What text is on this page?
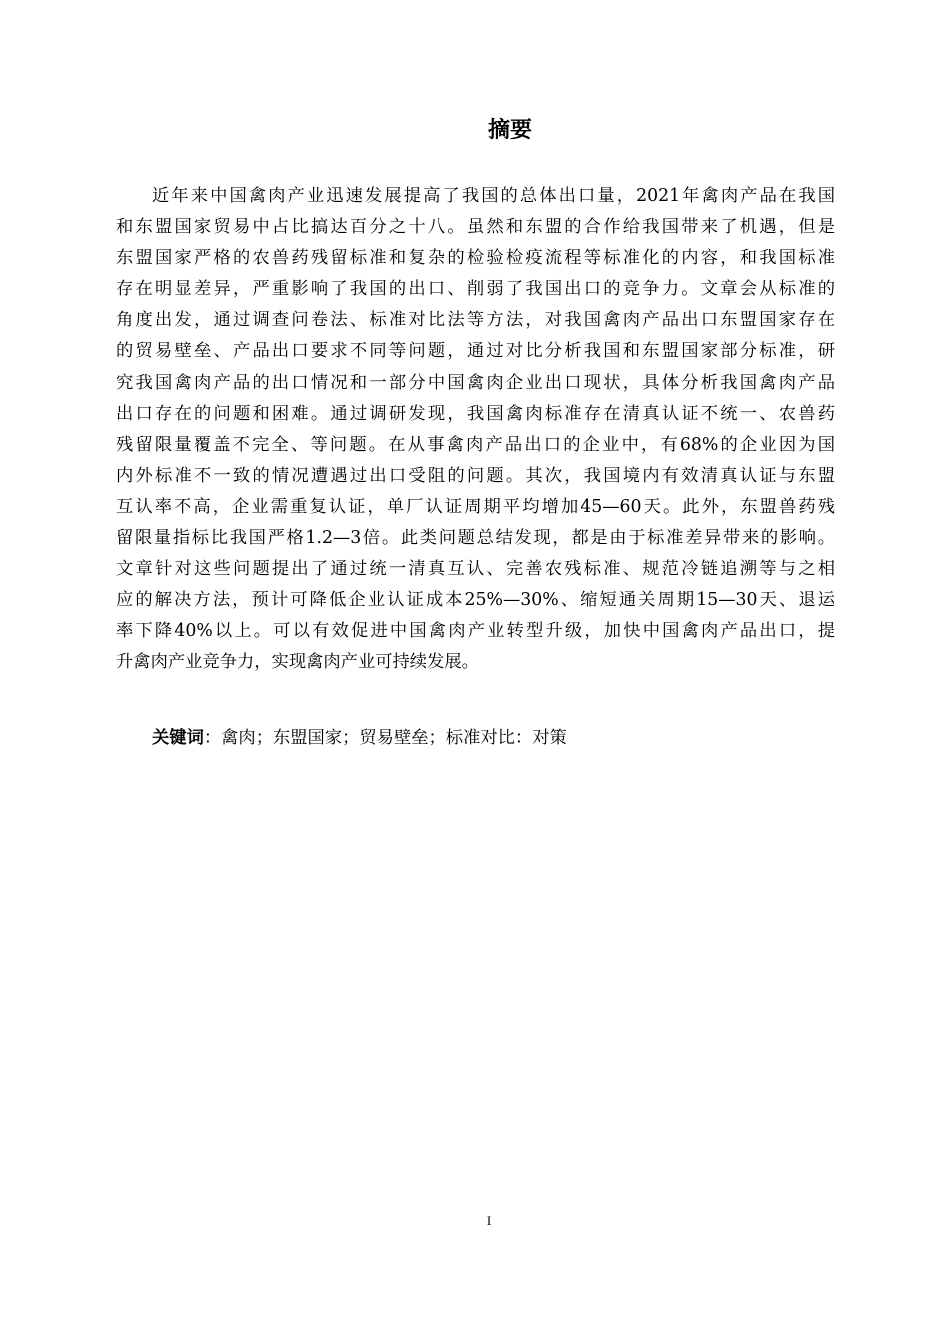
摘要
近年来中国禽肉产业迅速发展提高了我国的总体出口量，2021年禽肉产品在我国
和东盟国家贸易中占比搞达百分之十八。虽然和东盟的合作给我国带来了机遇，但是
东盟国家严格的农兽药残留标准和复杂的检验检疫流程等标准化的内容，和我国标准
存在明显差异，严重影响了我国的出口、削弱了我国出口的竞争力。文章会从标准的
角度出发，通过调查问卷法、标准对比法等方法，对我国禽肉产品出口东盟国家存在
的贸易壁垒、产品出口要求不同等问题，通过对比分析我国和东盟国家部分标准，研
究我国禽肉产品的出口情况和一部分中国禽肉企业出口现状，具体分析我国禽肉产品
出口存在的问题和困难。通过调研发现，我国禽肉标准存在清真认证不统一、农兽药
残留限量覆盖不完全、等问题。在从事禽肉产品出口的企业中，有68%的企业因为国
内外标准不一致的情况遭遇过出口受阻的问题。其次，我国境内有效清真认证与东盟
互认率不高，企业需重复认证，单厂认证周期平均增加45—60天。此外，东盟兽药残
留限量指标比我国严格1.2—3倍。此类问题总结发现，都是由于标准差异带来的影响。
文章针对这些问题提出了通过统一清真互认、完善农残标准、规范冷链追溯等与之相
应的解决方法，预计可降低企业认证成本25%—30%、缩短通关周期15—30天、退运
率下降40%以上。可以有效促进中国禽肉产业转型升级，加快中国禽肉产品出口，提
升禽肉产业竞争力，实现禽肉产业可持续发展。
关键词：禽肉；东盟国家；贸易壁垒；标准对比：对策
I
